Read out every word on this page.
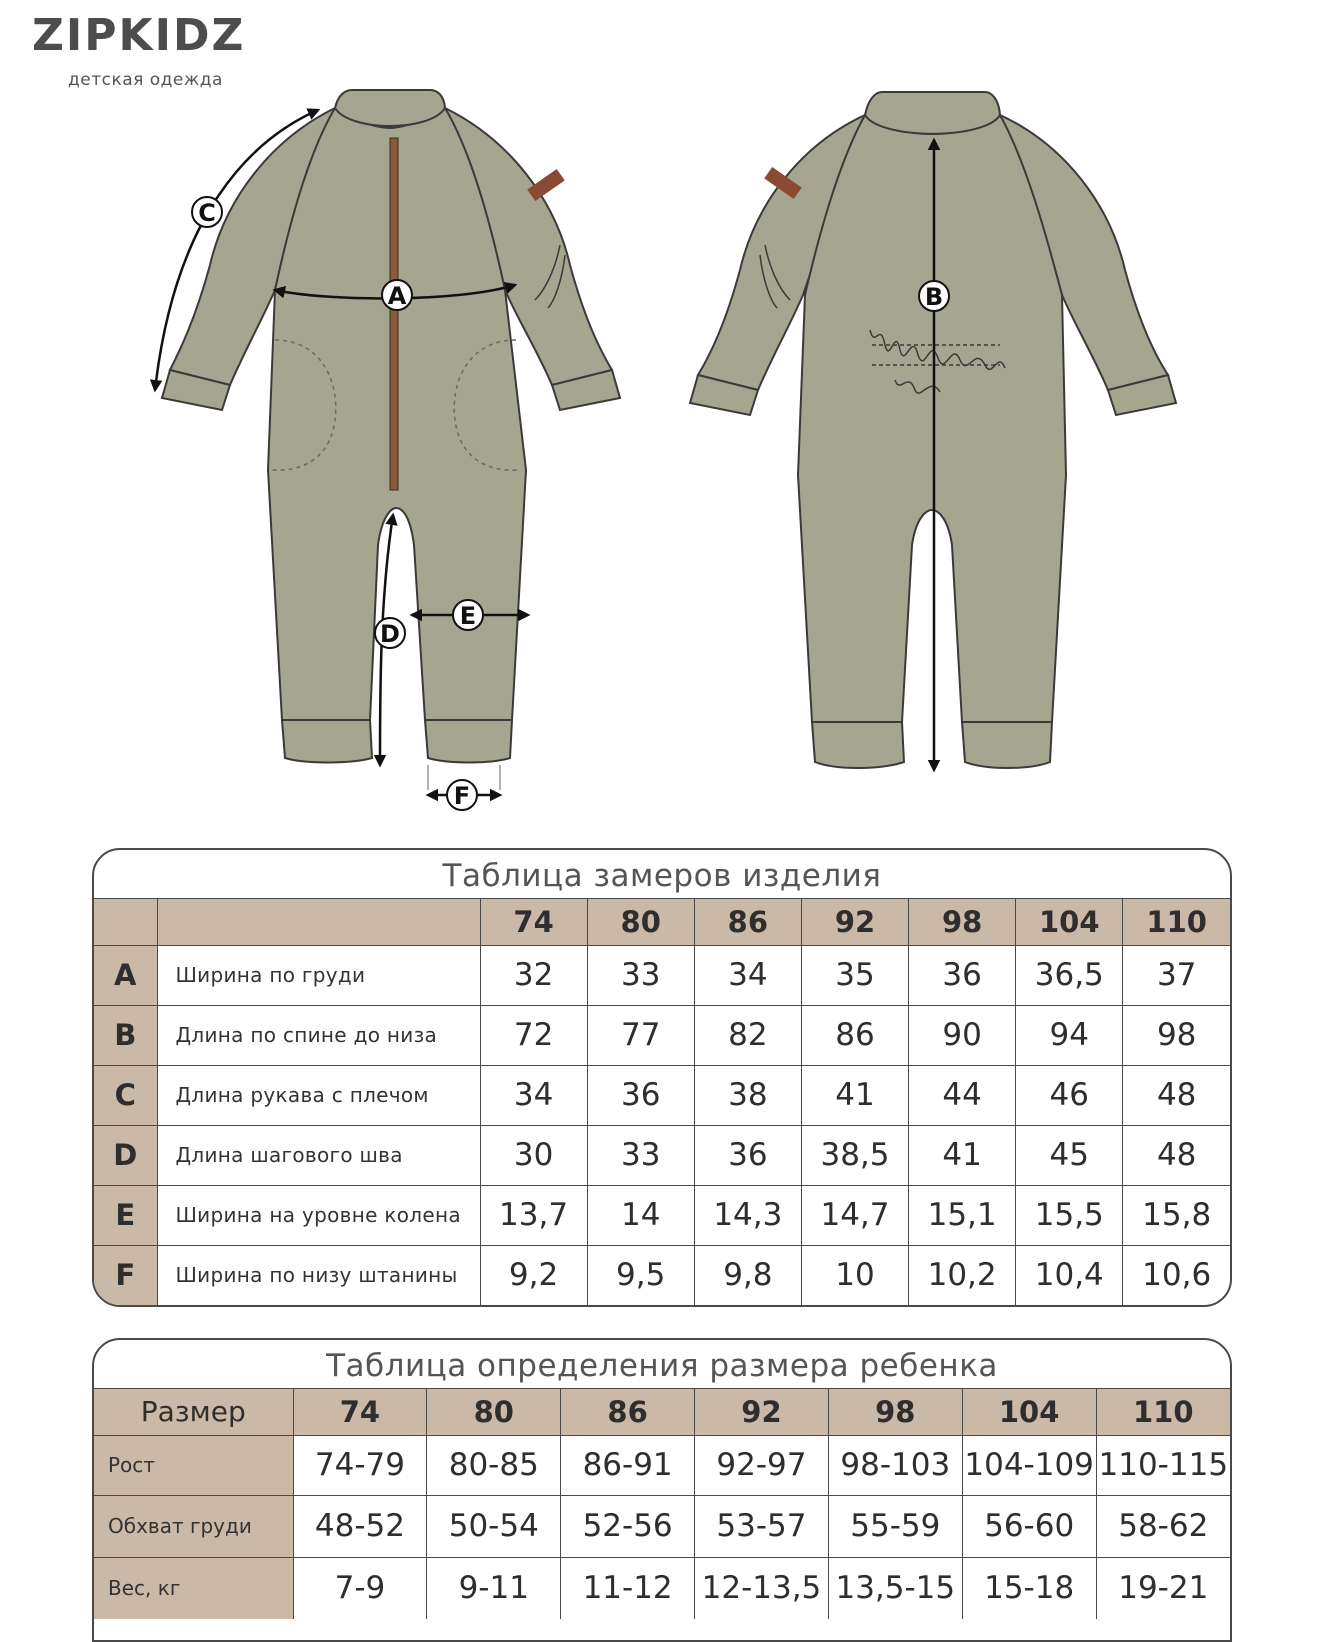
A	B
C
D
E
F
ZIPKIDZ
детская одежда
Таблица замеров изделия
		74	80	86	92	98	104	110
A	Ширина по груди	32	33	34	35	36	36,5	37
B	Длина по спине до низа	72	77	82	86	90	94	98
C	Длина рукава с плечом	34	36	38	41	44	46	48
D	Длина шагового шва	30	33	36	38,5	41	45	48
E	Ширина на уровне колена	13,7	14	14,3	14,7	15,1	15,5	15,8
F	Ширина по низу штанины	9,2	9,5	9,8	10	10,2	10,4	10,6
Таблица определения размера ребенка
Размер	74	80	86	92	98	104	110
Рост	74-79	80-85	86-91	92-97	98-103	104-109	110-115
Обхват груди	48-52	50-54	52-56	53-57	55-59	56-60	58-62
Вес, кг	7-9	9-11	11-12	12-13,5	13,5-15	15-18	19-21
